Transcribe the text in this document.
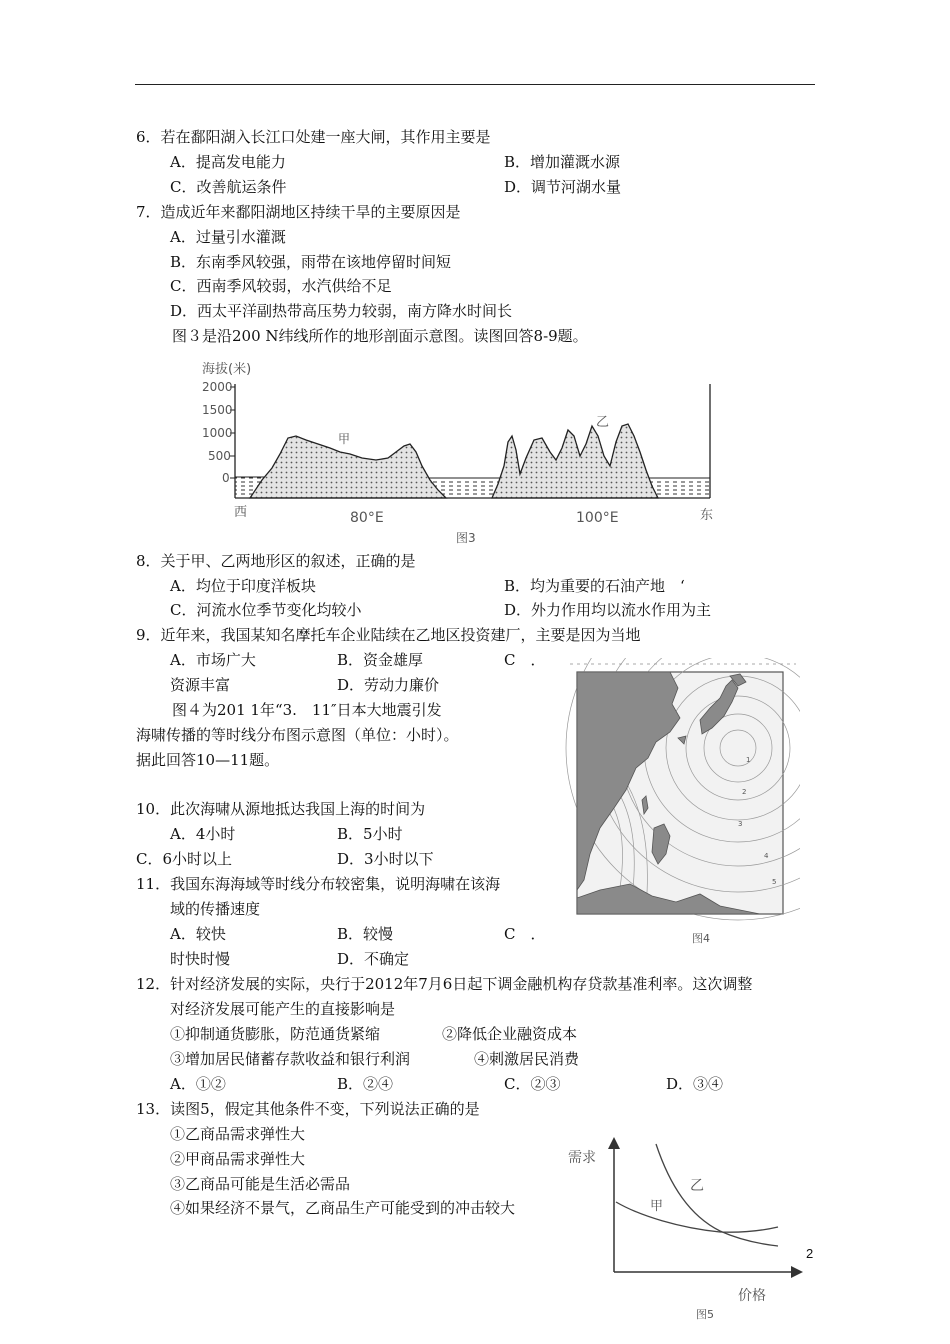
6．若在鄱阳湖入长江口处建一座大闸，其作用主要是
A．提高发电能力	B．增加灌溉水源
C．改善航运条件	D．调节河湖水量
7．造成近年来鄱阳湖地区持续干旱的主要原因是
A．过量引水灌溉
B．东南季风较强，雨带在该地停留时间短
C．西南季风较弱，水汽供给不足
D．西太平洋副热带高压势力较弱，南方降水时间长
图３是沿200 N纬线所作的地形剖面示意图。读图回答8-9题。
海拔(米)
2000
1500
1000
500
0
西	80°E	100°E	东
甲
乙
图3
8．关于甲、乙两地形区的叙述，正确的是
A．均位于印度洋板块	B．均为重要的石油产地　‘
C．河流水位季节变化均较小	D．外力作用均以流水作用为主
9．近年来，我国某知名摩托车企业陆续在乙地区投资建厂，主要是因为当地
A．市场广大	B．资金雄厚	C　．
资源丰富	D．劳动力廉价
图４为201 1年“3.　11″日本大地震引发
海啸传播的等时线分布图示意图（单位：小时）。
据此回答10—11题。	1
2
3
4
5
图4
10．此次海啸从源地抵达我国上海的时间为
A．4小时	B．5小时
C．6小时以上	D．3小时以下
11．我国东海海域等时线分布较密集，说明海啸在该海
域的传播速度
A．较快	B．较慢	C　．
时快时慢	D．不确定
12．针对经济发展的实际，央行于2012年7月6日起下调金融机构存贷款基准利率。这次调整
对经济发展可能产生的直接影响是
①抑制通货膨胀，防范通货紧缩	②降低企业融资成本
③增加居民储蓄存款收益和银行利润	④刺激居民消费
A．①②	B．②④	C．②③	D．③④
13．读图5，假定其他条件不变，下列说法正确的是
①乙商品需求弹性大
②甲商品需求弹性大
③乙商品可能是生活必需品
④如果经济不景气，乙商品生产可能受到的冲击较大
需求
乙
甲
价格
图5
2
